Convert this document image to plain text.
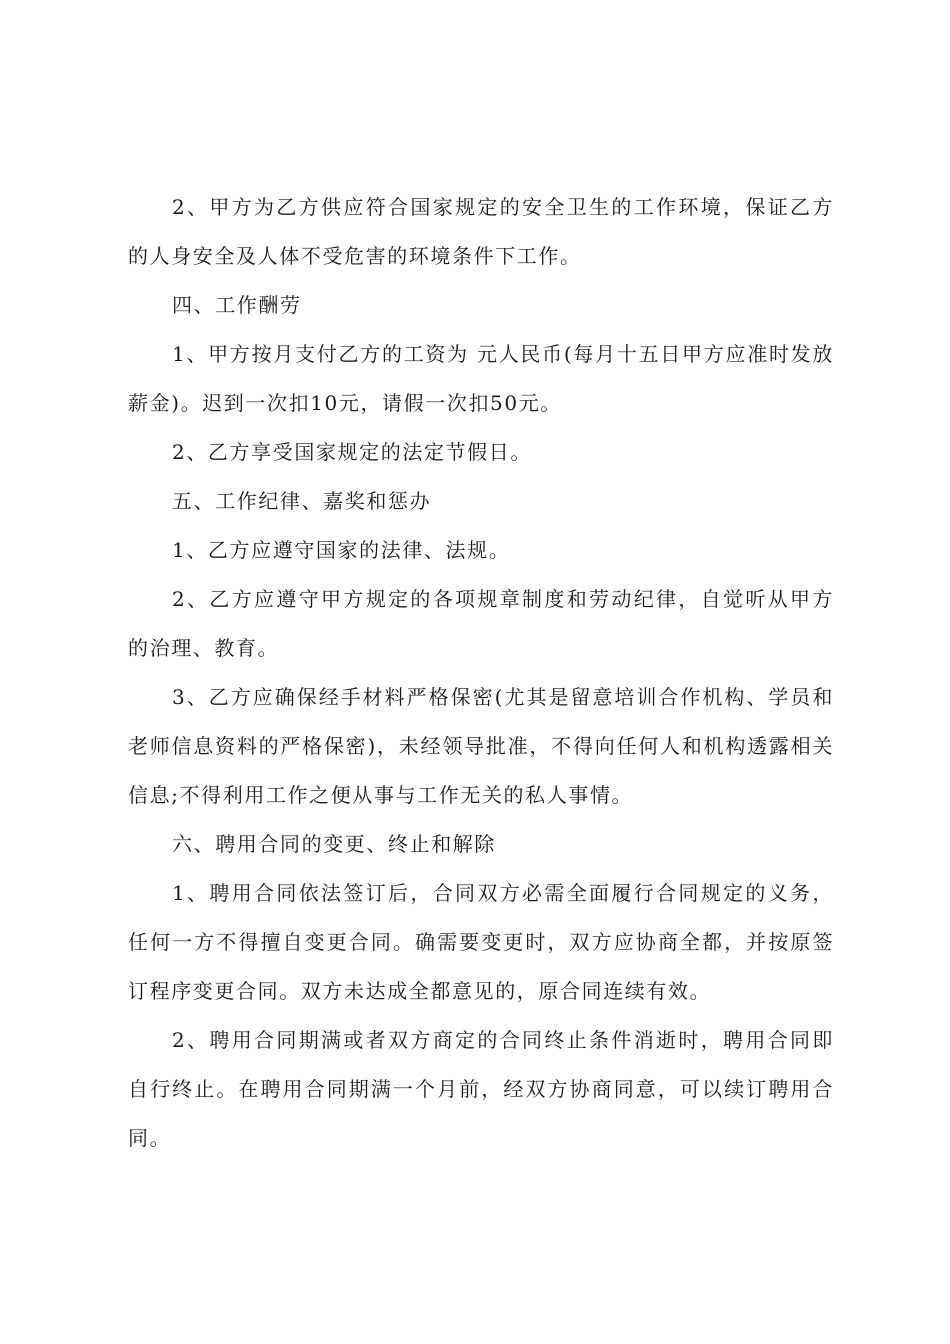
2、甲方为乙方供应符合国家规定的安全卫生的工作环境，保证乙方的人身安全及人体不受危害的环境条件下工作。

四、工作酬劳

1、甲方按月支付乙方的工资为 元人民币(每月十五日甲方应准时发放薪金)。迟到一次扣10元，请假一次扣50元。

2、乙方享受国家规定的法定节假日。

五、工作纪律、嘉奖和惩办

1、乙方应遵守国家的法律、法规。

2、乙方应遵守甲方规定的各项规章制度和劳动纪律，自觉听从甲方的治理、教育。

3、乙方应确保经手材料严格保密(尤其是留意培训合作机构、学员和老师信息资料的严格保密)，未经领导批准，不得向任何人和机构透露相关信息;不得利用工作之便从事与工作无关的私人事情。

六、聘用合同的变更、终止和解除

1、聘用合同依法签订后，合同双方必需全面履行合同规定的义务，任何一方不得擅自变更合同。确需要变更时，双方应协商全都，并按原签订程序变更合同。双方未达成全都意见的，原合同连续有效。

2、聘用合同期满或者双方商定的合同终止条件消逝时，聘用合同即自行终止。在聘用合同期满一个月前，经双方协商同意，可以续订聘用合同。
